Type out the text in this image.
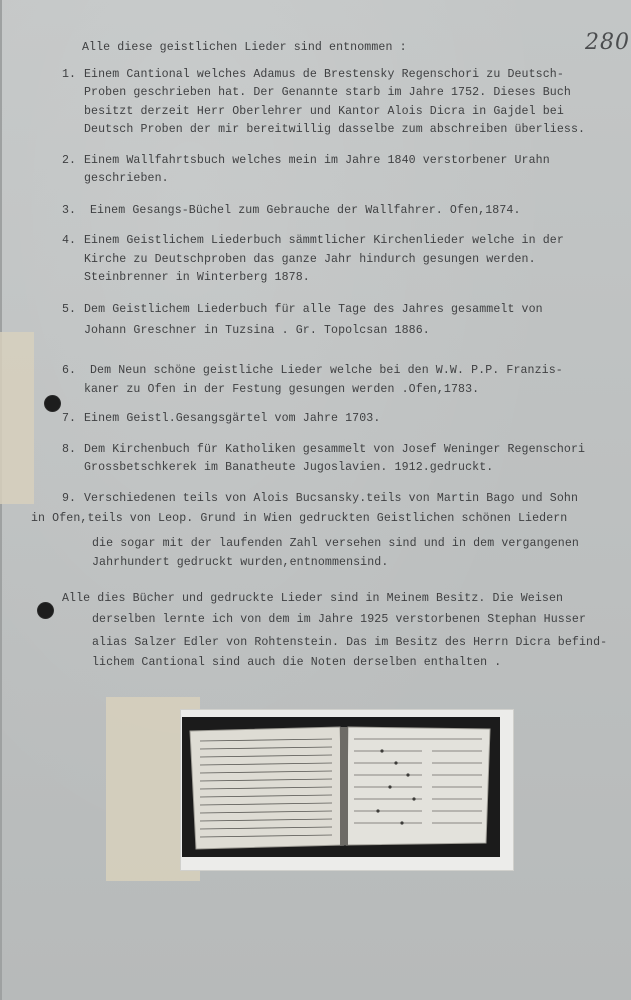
280
Alle diese geistlichen Lieder sind entnommen :
1. Einem Cantional welches Adamus de Brestensky Regenschori zu Deutsch-
Proben geschrieben hat. Der Genannte starb im Jahre 1752. Dieses Buch
besitzt derzeit Herr Oberlehrer und Kantor Alois Dicra in Gajdel bei
Deutsch Proben der mir bereitwillig dasselbe zum abschreiben überliess.
2. Einem Wallfahrtsbuch welches mein im Jahre 1840 verstorbener Urahn
geschrieben.
3. Einem Gesangs-Büchel zum Gebrauche der Wallfahrer. Ofen,1874.
4. Einem Geistlichem Liederbuch sämmtlicher Kirchenlieder welche in der
Kirche zu Deutschproben das ganze Jahr hindurch gesungen werden.
Steinbrenner in Winterberg 1878.
5. Dem Geistlichem Liederbuch für alle Tage des Jahres gesammelt von
Johann Greschner in Tuzsina . Gr. Topolcsan 1886.
6. Dem Neun schöne geistliche Lieder welche bei den W.W. P.P. Franzis-
kaner zu Ofen in der Festung gesungen werden .Ofen,1783.
7. Einem Geistl.Gesangsgärtel vom Jahre 1703.
8. Dem Kirchenbuch für Katholiken gesammelt von Josef Weninger Regenschori
Grossbetschkerek im Banatheute Jugoslavien. 1912.gedruckt.
9. Verschiedenen teils von Alois Bucsansky.teils von Martin Bago und Sohn
in Ofen,teils von Leop. Grund in Wien gedruckten Geistlichen schönen Liedern
die sogar mit der laufenden Zahl versehen sind und in dem vergangenen
Jahrhundert gedruckt wurden,entnommensind.
Alle dies Bücher und gedruckte Lieder sind in Meinem Besitz. Die Weisen
derselben lernte ich von dem im Jahre 1925 verstorbenen Stephan Husser
alias Salzer Edler von Rohtenstein. Das im Besitz des Herrn Dicra befind-
lichem Cantional sind auch die Noten derselben enthalten .
